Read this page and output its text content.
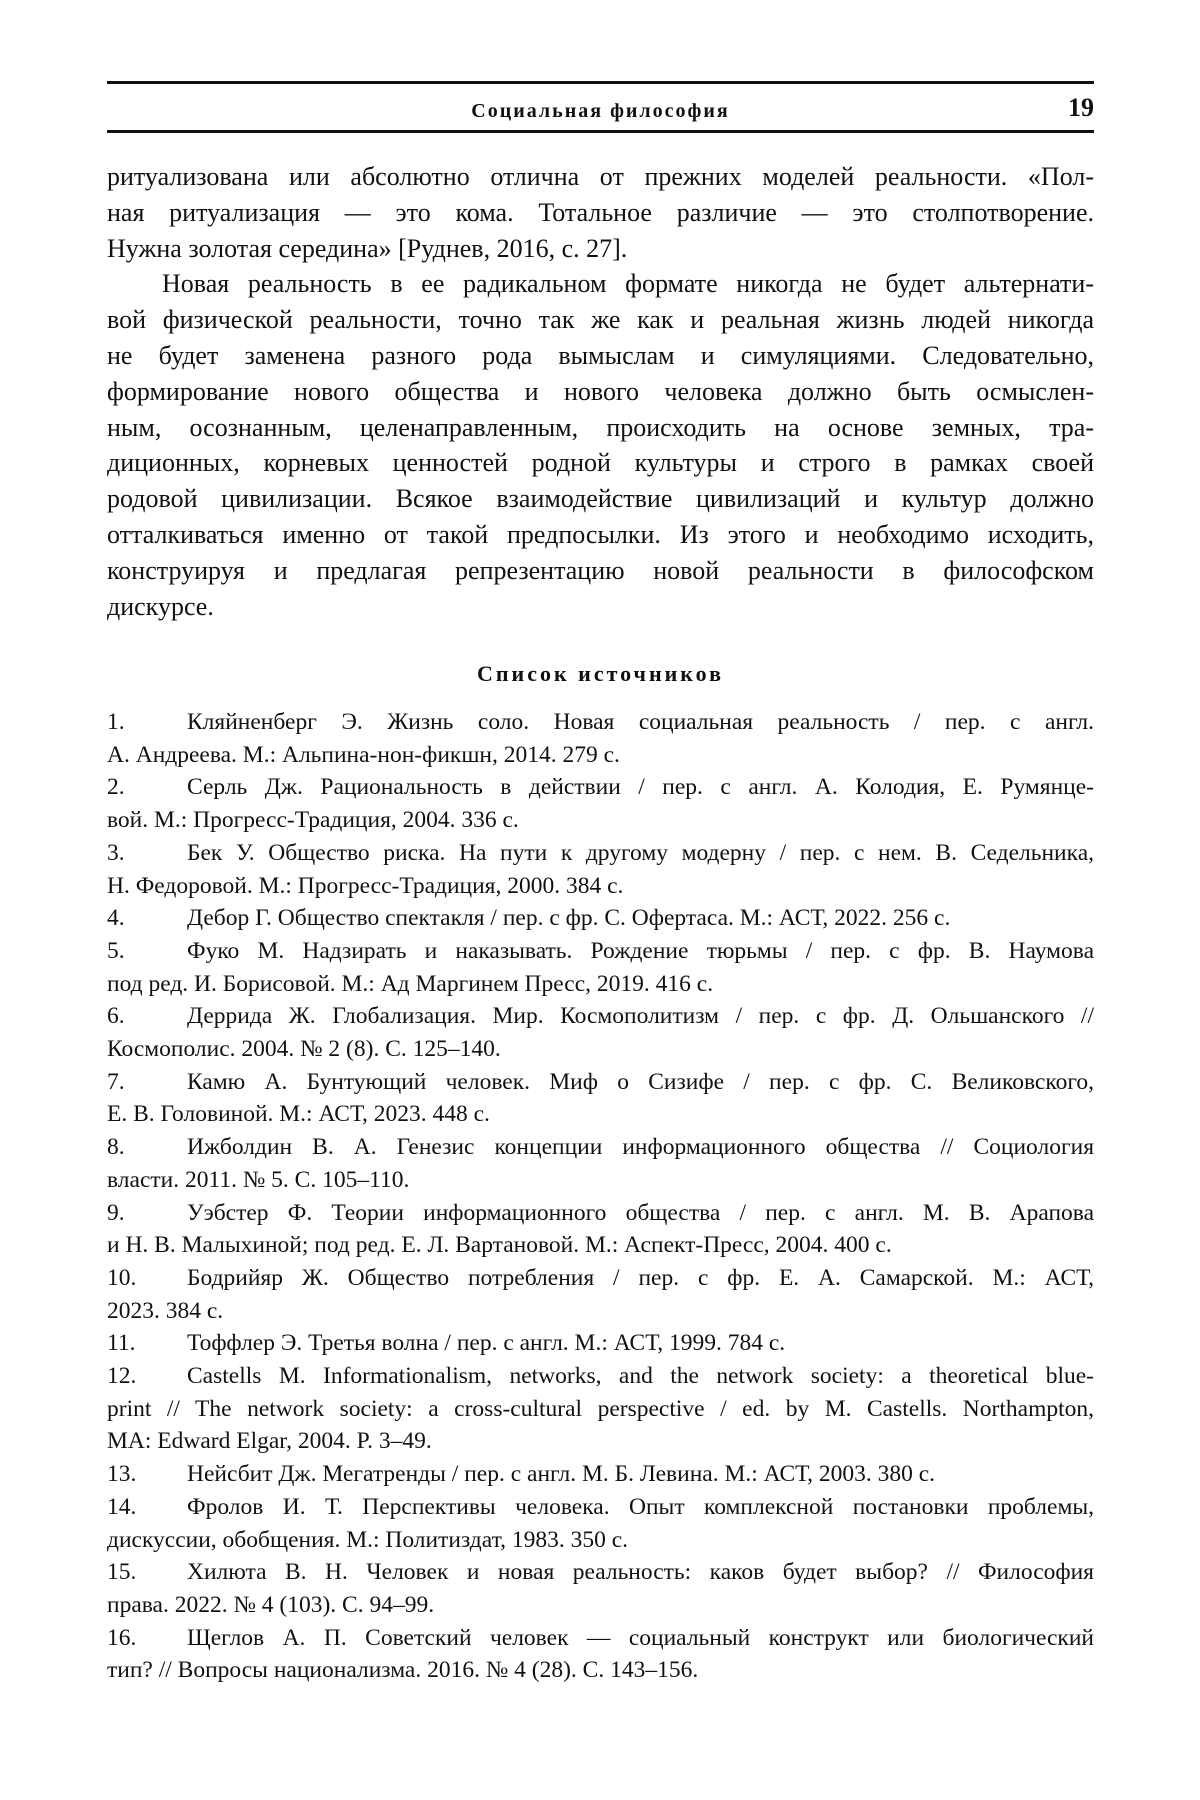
Социальная философия	19
ритуализована или абсолютно отлична от прежних моделей реальности. «Пол-
ная ритуализация — это кома. Тотальное различие — это столпотворение.
Нужна золотая середина» [Руднев, 2016, с. 27].
Новая реальность в ее радикальном формате никогда не будет альтернати-
вой физической реальности, точно так же как и реальная жизнь людей никогда
не будет заменена разного рода вымыслам и симуляциями. Следовательно,
формирование нового общества и нового человека должно быть осмыслен-
ным, осознанным, целенаправленным, происходить на основе земных, тра-
диционных, корневых ценностей родной культуры и строго в рамках своей
родовой цивилизации. Всякое взаимодействие цивилизаций и культур должно
отталкиваться именно от такой предпосылки. Из этого и необходимо исходить,
конструируя и предлагая репрезентацию новой реальности в философском
дискурсе.
Список источников
1.	Кляйненберг Э. Жизнь соло. Новая социальная реальность / пер. с англ.
А. Андреева. М.: Альпина-нон-фикшн, 2014. 279 с.
2.	Серль Дж. Рациональность в действии / пер. с англ. А. Колодия, Е. Румянце-
вой. М.: Прогресс-Традиция, 2004. 336 с.
3.	Бек У. Общество риска. На пути к другому модерну / пер. с нем. В. Седельника,
Н. Федоровой. М.: Прогресс-Традиция, 2000. 384 с.
4.	Дебор Г. Общество спектакля / пер. с фр. С. Офертаса. М.: АСТ, 2022. 256 с.
5.	Фуко М. Надзирать и наказывать. Рождение тюрьмы / пер. с фр. В. Наумова
под ред. И. Борисовой. М.: Ад Маргинем Пресс, 2019. 416 с.
6.	Деррида Ж. Глобализация. Мир. Космополитизм / пер. с фр. Д. Ольшанского //
Космополис. 2004. № 2 (8). С. 125–140.
7.	Камю А. Бунтующий человек. Миф о Сизифе / пер. с фр. С. Великовского,
Е. В. Головиной. М.: АСТ, 2023. 448 с.
8.	Ижболдин В. А. Генезис концепции информационного общества // Социология
власти. 2011. № 5. С. 105–110.
9.	Уэбстер Ф. Теории информационного общества / пер. с англ. М. В. Арапова
и Н. В. Малыхиной; под ред. Е. Л. Вартановой. М.: Аспект-Пресс, 2004. 400 с.
10. Бодрийяр Ж. Общество потребления / пер. с фр. Е. А. Самарской. М.: АСТ,
2023. 384 с.
11. Тоффлер Э. Третья волна / пер. с англ. М.: АСТ, 1999. 784 с.
12. Castells M. Informationalism, networks, and the network society: a theoretical blue-
print // The network society: a cross-cultural perspective / ed. by M. Castells. Northampton,
MA: Edward Elgar, 2004. P. 3–49.
13. Нейсбит Дж. Мегатренды / пер. с англ. М. Б. Левина. М.: АСТ, 2003. 380 с.
14. Фролов И. Т. Перспективы человека. Опыт комплексной постановки проблемы,
дискуссии, обобщения. М.: Политиздат, 1983. 350 с.
15. Хилюта В. Н. Человек и новая реальность: каков будет выбор? // Философия
права. 2022. № 4 (103). С. 94–99.
16. Щеглов А. П. Советский человек — социальный конструкт или биологический
тип? // Вопросы национализма. 2016. № 4 (28). С. 143–156.
